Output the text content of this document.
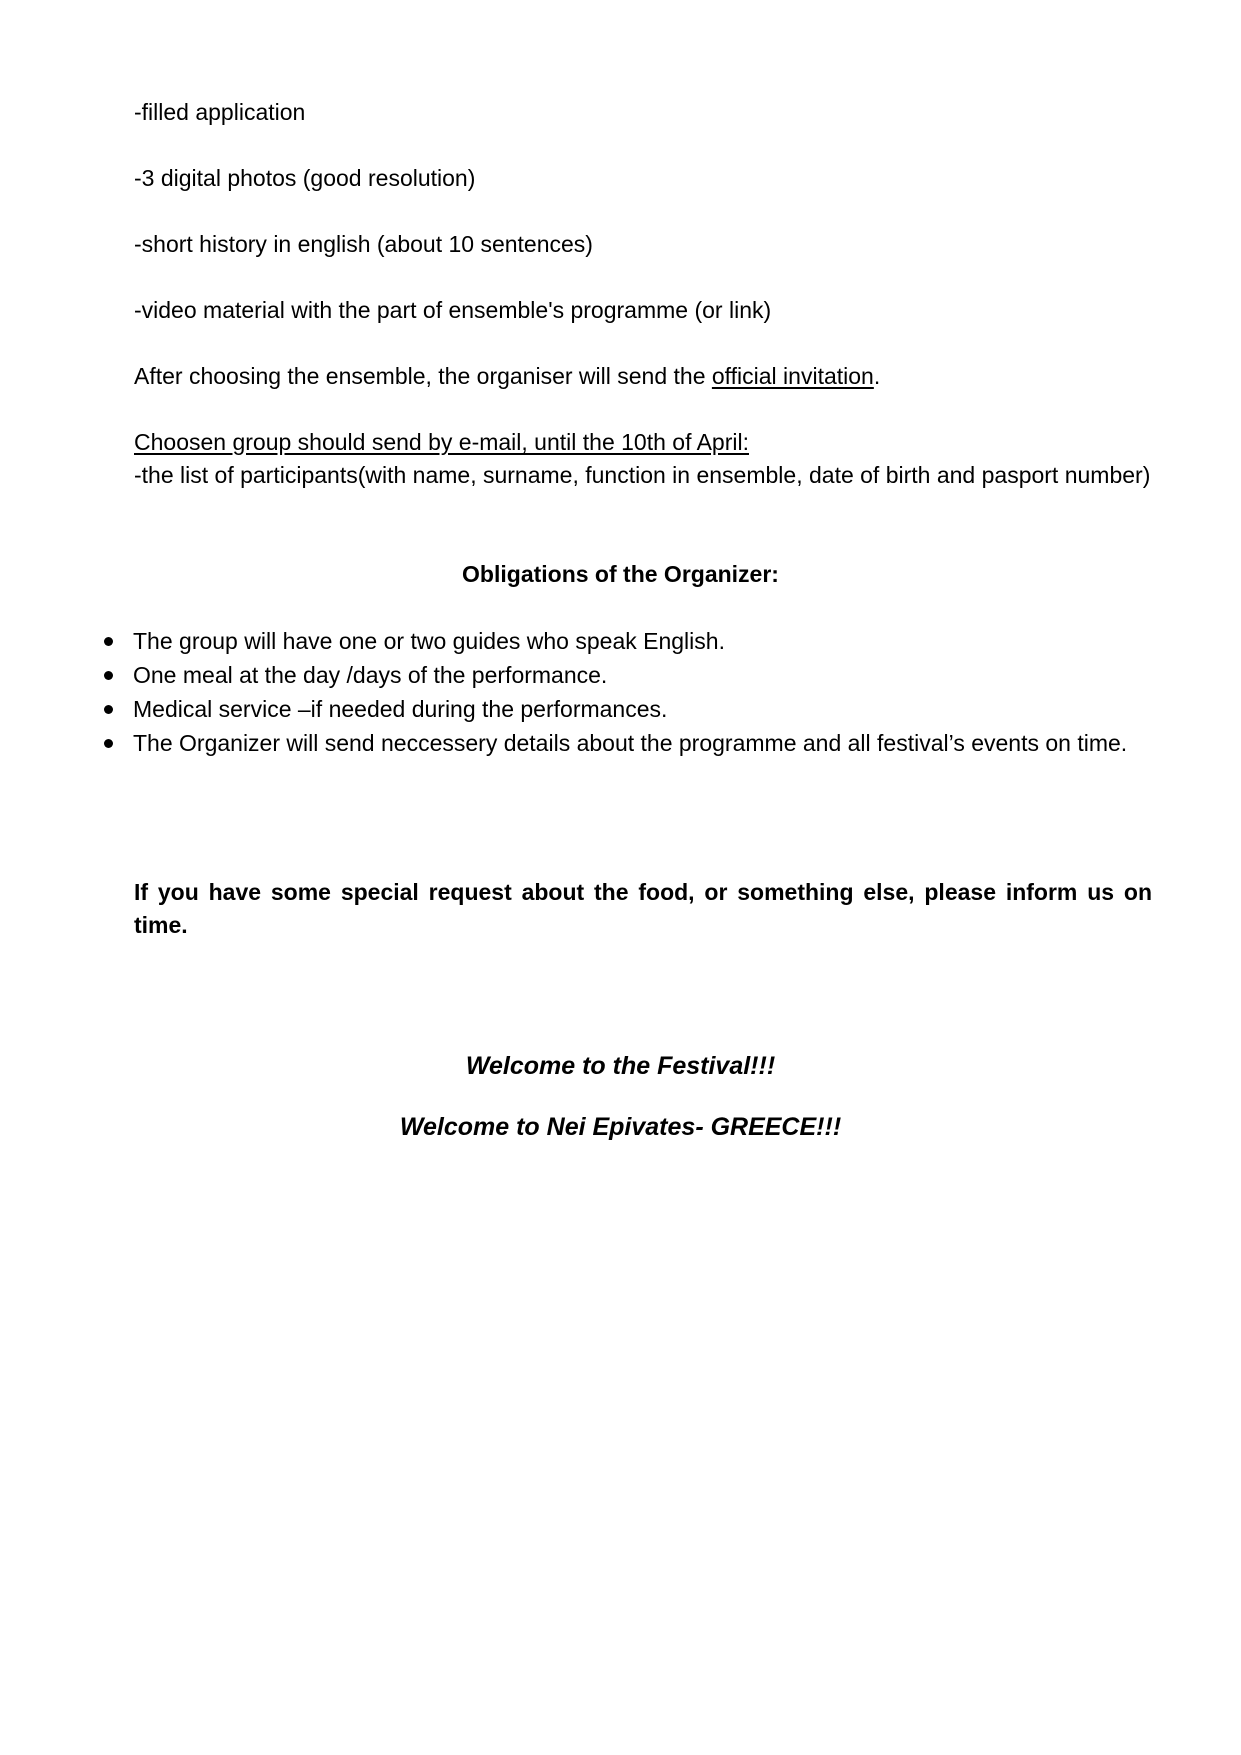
-filled application
-3 digital photos (good resolution)
-short history in english (about 10 sentences)
-video material with the part of ensemble's programme (or link)
After choosing the ensemble, the organiser will send the official invitation.
Choosen group should send by e-mail, until the 10th of April:
-the list of participants(with name, surname, function in ensemble, date of birth and pasport number)
Obligations of the Organizer:
The group will have one or two guides who speak English.
One meal at the day /days of the performance.
Medical service –if needed during the performances.
The Organizer will send neccessery details about the programme and all festival’s events on time.
If you have some special request about the food, or something else, please inform us on time.
Welcome to the Festival!!!
Welcome to Nei Epivates- GREECE!!!
